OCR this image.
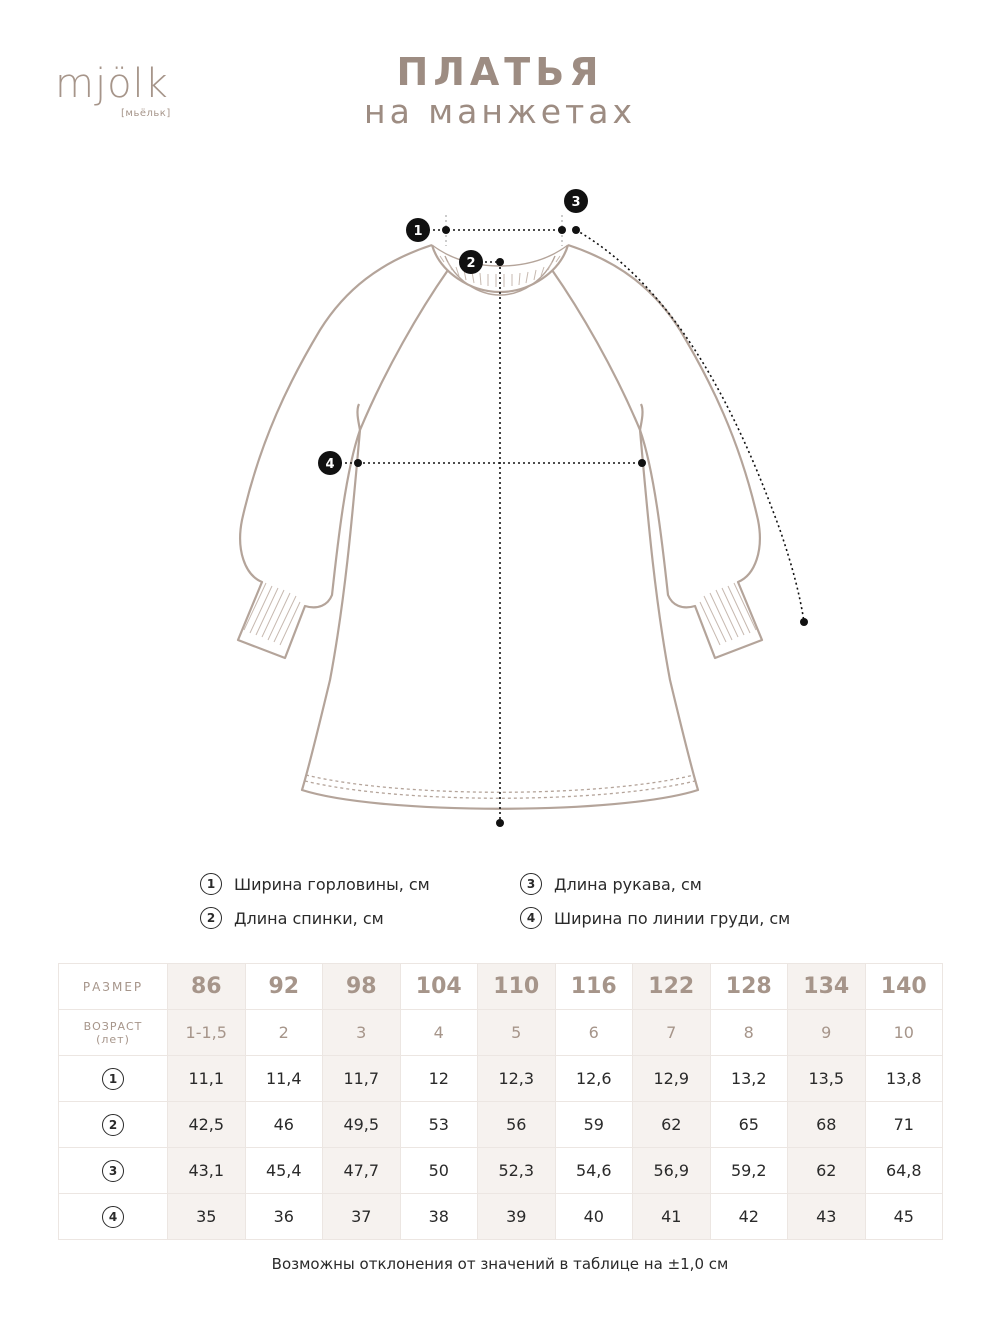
mjölk
[мьёльк]
ПЛАТЬЯ
на манжетах
1
2
3
4
1	Ширина горловины, см
2	Длина спинки, см
3	Длина рукава, см
4	Ширина по линии груди, см
РАЗМЕР	86	92	98	104	110	116	122	128	134	140

ВОЗРАСТ
(лет)	1-1,5	2	3	4	5	6	7	8	9	10
1	11,1	11,4	11,7	12	12,3	12,6	12,9	13,2	13,5	13,8
2	42,5	46	49,5	53	56	59	62	65	68	71
3	43,1	45,4	47,7	50	52,3	54,6	56,9	59,2	62	64,8
4	35	36	37	38	39	40	41	42	43	45
Возможны отклонения от значений в таблице на ±1,0 см
